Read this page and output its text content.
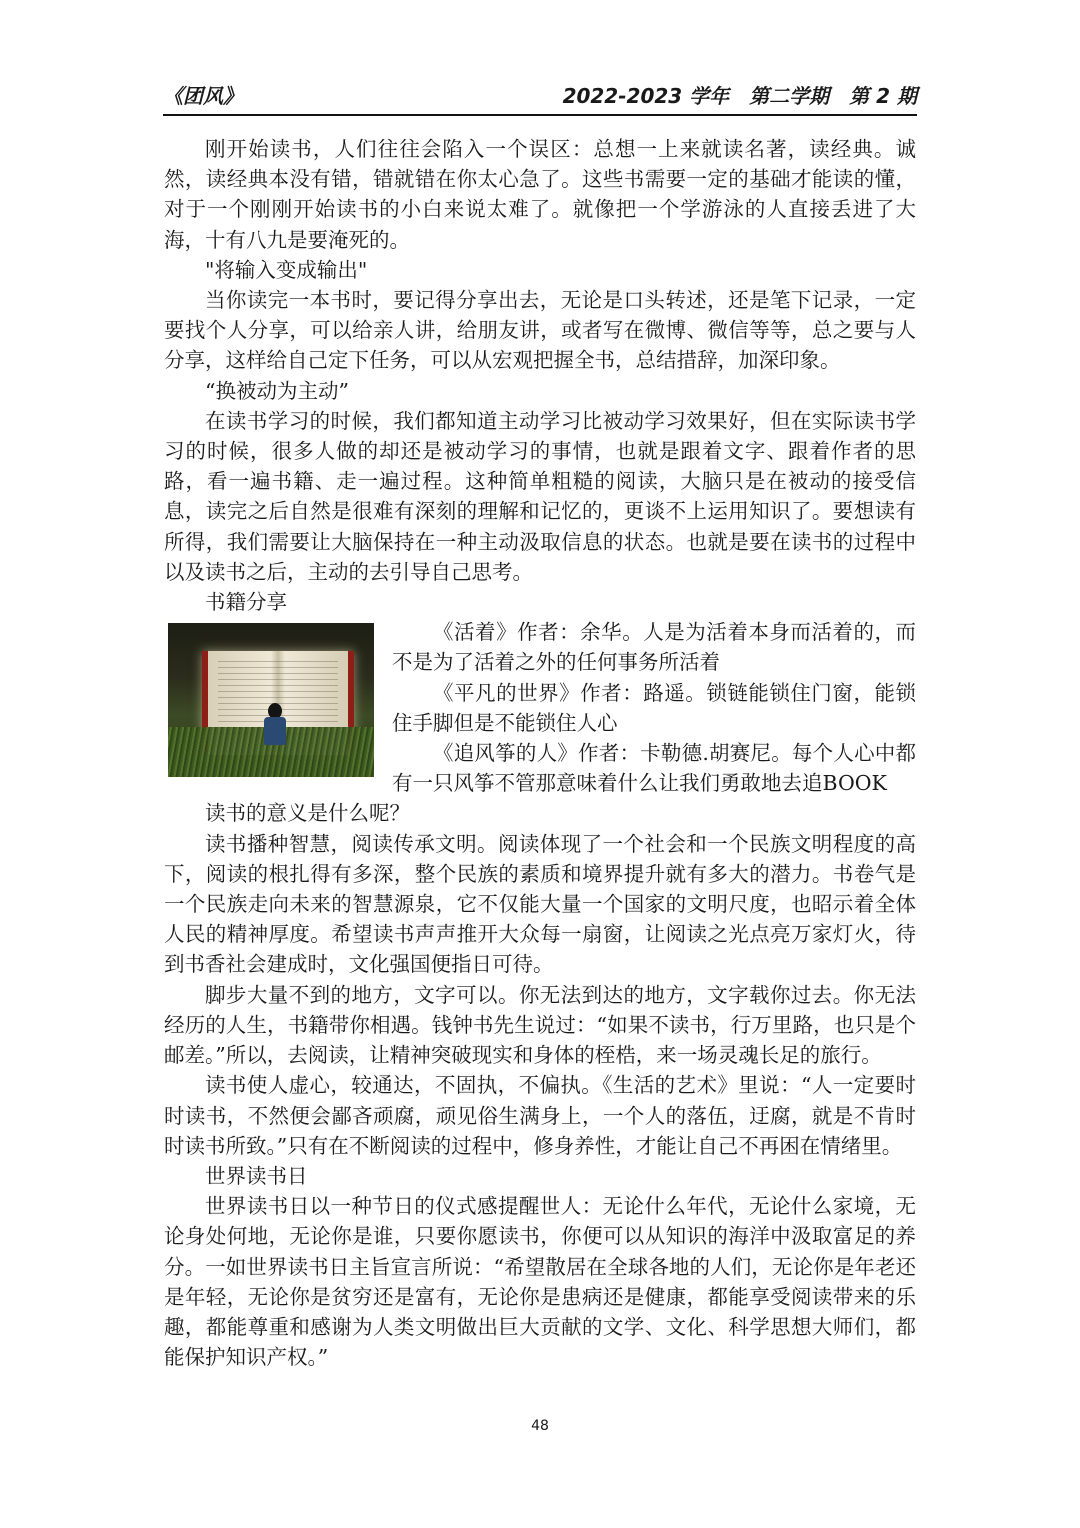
《团风》	2022-2023 学年　第二学期　第 2 期

刚开始读书，人们往往会陷入一个误区：总想一上来就读名著，读经典。诚然，读经典本没有错，错就错在你太心急了。这些书需要一定的基础才能读的懂，对于一个刚刚开始读书的小白来说太难了。就像把一个学游泳的人直接丢进了大海，十有八九是要淹死的。

"将输入变成输出"

当你读完一本书时，要记得分享出去，无论是口头转述，还是笔下记录，一定要找个人分享，可以给亲人讲，给朋友讲，或者写在微博、微信等等，总之要与人分享，这样给自己定下任务，可以从宏观把握全书，总结措辞，加深印象。

“换被动为主动”

在读书学习的时候，我们都知道主动学习比被动学习效果好，但在实际读书学习的时候，很多人做的却还是被动学习的事情，也就是跟着文字、跟着作者的思路，看一遍书籍、走一遍过程。这种简单粗糙的阅读，大脑只是在被动的接受信息，读完之后自然是很难有深刻的理解和记忆的，更谈不上运用知识了。要想读有所得，我们需要让大脑保持在一种主动汲取信息的状态。也就是要在读书的过程中以及读书之后，主动的去引导自己思考。

书籍分享

《活着》作者：余华。人是为活着本身而活着的，而不是为了活着之外的任何事务所活着

《平凡的世界》作者：路遥。锁链能锁住门窗，能锁住手脚但是不能锁住人心

《追风筝的人》作者：卡勒德.胡赛尼。每个人心中都有一只风筝不管那意味着什么让我们勇敢地去追BOOK

读书的意义是什么呢？

读书播种智慧，阅读传承文明。阅读体现了一个社会和一个民族文明程度的高下，阅读的根扎得有多深，整个民族的素质和境界提升就有多大的潜力。书卷气是一个民族走向未来的智慧源泉，它不仅能大量一个国家的文明尺度，也昭示着全体人民的精神厚度。希望读书声声推开大众每一扇窗，让阅读之光点亮万家灯火，待到书香社会建成时，文化强国便指日可待。

脚步大量不到的地方，文字可以。你无法到达的地方，文字载你过去。你无法经历的人生，书籍带你相遇。钱钟书先生说过：“如果不读书，行万里路，也只是个邮差。”所以，去阅读，让精神突破现实和身体的桎梏，来一场灵魂长足的旅行。

读书使人虚心，较通达，不固执，不偏执。《生活的艺术》里说：“人一定要时时读书，不然便会鄙吝顽腐，顽见俗生满身上，一个人的落伍，迂腐，就是不肯时时读书所致。”只有在不断阅读的过程中，修身养性，才能让自己不再困在情绪里。

世界读书日

世界读书日以一种节日的仪式感提醒世人：无论什么年代，无论什么家境，无论身处何地，无论你是谁，只要你愿读书，你便可以从知识的海洋中汲取富足的养分。一如世界读书日主旨宣言所说：“希望散居在全球各地的人们，无论你是年老还是年轻，无论你是贫穷还是富有，无论你是患病还是健康，都能享受阅读带来的乐趣，都能尊重和感谢为人类文明做出巨大贡献的文学、文化、科学思想大师们，都能保护知识产权。”

48
